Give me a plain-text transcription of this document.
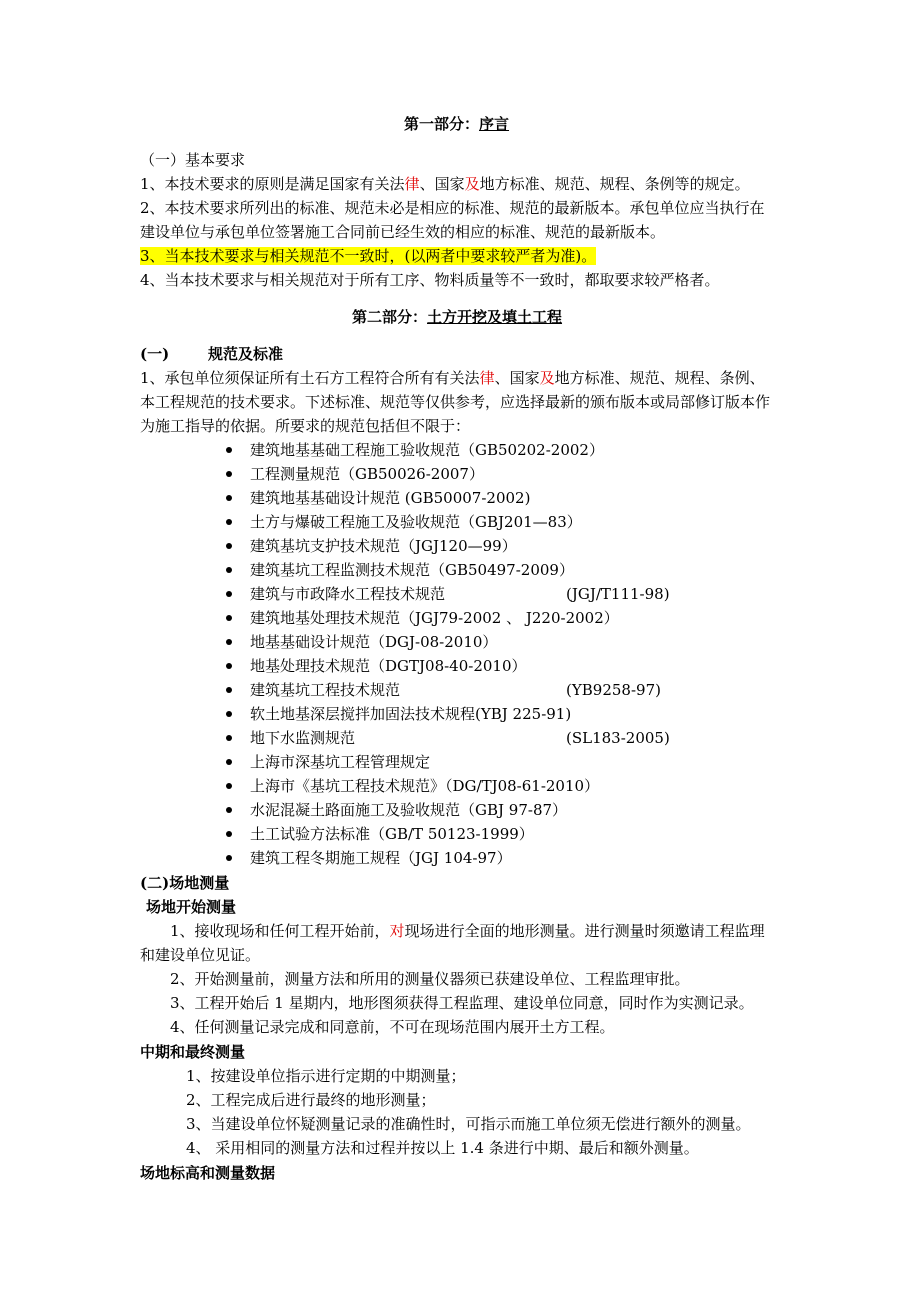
第一部分：序言
（一）基本要求
1、本技术要求的原则是满足国家有关法律、国家及地方标准、规范、规程、条例等的规定。
2、本技术要求所列出的标准、规范未必是相应的标准、规范的最新版本。承包单位应当执行在
建设单位与承包单位签署施工合同前已经生效的相应的标准、规范的最新版本。
3、当本技术要求与相关规范不一致时，(以两者中要求较严者为准)。
4、当本技术要求与相关规范对于所有工序、物料质量等不一致时，都取要求较严格者。
第二部分：土方开挖及填土工程
(一)	规范及标准
1、承包单位须保证所有土石方工程符合所有有关法律、国家及地方标准、规范、规程、条例、
本工程规范的技术要求。下述标准、规范等仅供参考，应选择最新的颁布版本或局部修订版本作
为施工指导的依据。所要求的规范包括但不限于：
建筑地基基础工程施工验收规范（GB50202-2002）
工程测量规范（GB50026-2007）
建筑地基基础设计规范 (GB50007-2002)
土方与爆破工程施工及验收规范（GBJ201—83）
建筑基坑支护技术规范（JGJ120—99）
建筑基坑工程监测技术规范（GB50497-2009）
建筑与市政降水工程技术规范	(JGJ/T111-98)
建筑地基处理技术规范（JGJ79-2002 、 J220-2002）
地基基础设计规范（DGJ-08-2010）
地基处理技术规范（DGTJ08-40-2010）
建筑基坑工程技术规范	(YB9258-97)
软土地基深层搅拌加固法技术规程(YBJ 225-91)
地下水监测规范	(SL183-2005)
上海市深基坑工程管理规定
上海市《基坑工程技术规范》（DG/TJ08-61-2010）
水泥混凝土路面施工及验收规范（GBJ 97-87）
土工试验方法标准（GB/T 50123-1999）
建筑工程冬期施工规程（JGJ 104-97）
(二)场地测量
场地开始测量
1、接收现场和任何工程开始前，对现场进行全面的地形测量。进行测量时须邀请工程监理
和建设单位见证。
2、开始测量前，测量方法和所用的测量仪器须已获建设单位、工程监理审批。
3、工程开始后 1 星期内，地形图须获得工程监理、建设单位同意，同时作为实测记录。
4、任何测量记录完成和同意前，不可在现场范围内展开土方工程。
中期和最终测量
1、按建设单位指示进行定期的中期测量；
2、工程完成后进行最终的地形测量；
3、当建设单位怀疑测量记录的准确性时，可指示而施工单位须无偿进行额外的测量。
4、 采用相同的测量方法和过程并按以上 1.4 条进行中期、最后和额外测量。
场地标高和测量数据
